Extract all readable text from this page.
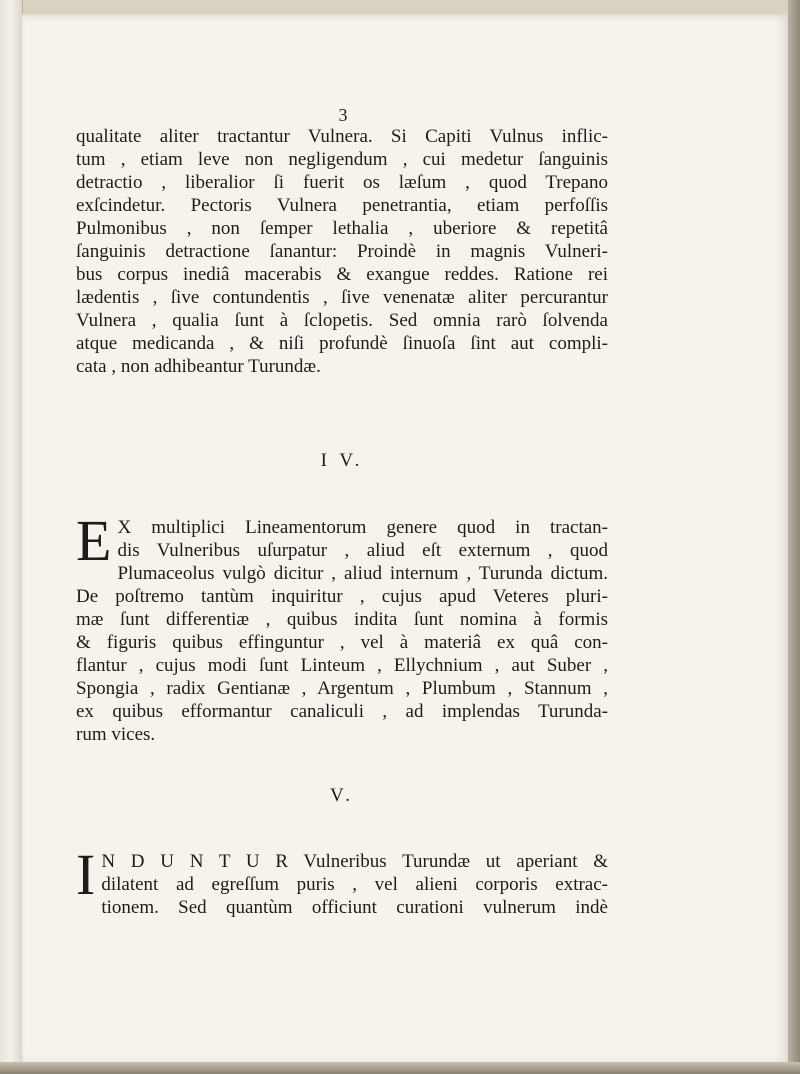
3
qualitate aliter tractantur Vulnera. Si Capiti Vulnus inflic-
tum , etiam leve non negligendum , cui medetur ſanguinis
detractio , liberalior ſi fuerit os læſum , quod Trepano
exſcindetur. Pectoris Vulnera penetrantia, etiam perfoſſis
Pulmonibus , non ſemper lethalia , uberiore & repetitâ
ſanguinis detractione ſanantur: Proindè in magnis Vulneri-
bus corpus inediâ macerabis & exangue reddes. Ratione rei
lædentis , ſive contundentis , ſive venenatæ aliter percurantur
Vulnera , qualia ſunt à ſclopetis. Sed omnia rarò ſolvenda
atque medicanda , & niſi profundè ſinuoſa ſint aut compli-
cata , non adhibeantur Turundæ.
I V.
E X multiplici Lineamentorum genere quod in tractan-
dis Vulneribus uſurpatur , aliud eſt externum , quod
Plumaceolus vulgò dicitur , aliud internum , Turunda dictum.
De poſtremo tantùm inquiritur , cujus apud Veteres pluri-
mæ ſunt differentiæ , quibus indita ſunt nomina à formis
& figuris quibus effinguntur , vel à materiâ ex quâ con-
flantur , cujus modi ſunt Linteum , Ellychnium , aut Suber ,
Spongia , radix Gentianæ , Argentum , Plumbum , Stannum ,
ex quibus efformantur canaliculi , ad implendas Turunda-
rum vices.
V.
I N D U N T U R Vulneribus Turundæ ut aperiant &
dilatent ad egreſſum puris , vel alieni corporis extrac-
tionem. Sed quantùm officiunt curationi vulnerum indè
